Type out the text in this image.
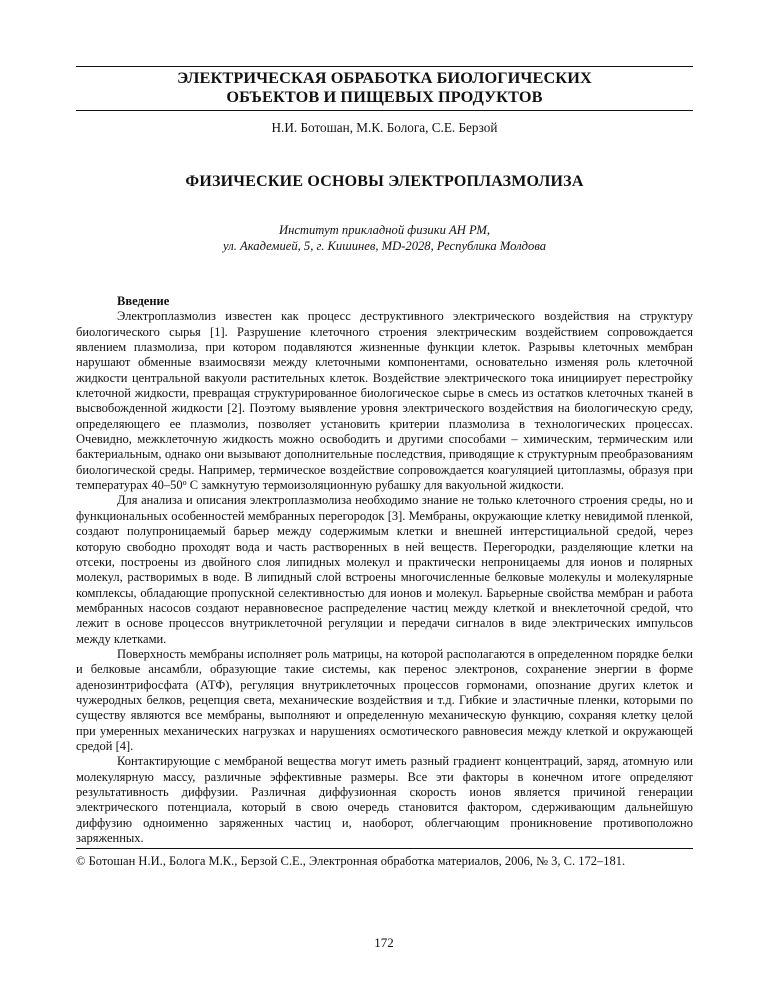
ЭЛЕКТРИЧЕСКАЯ ОБРАБОТКА БИОЛОГИЧЕСКИХ
ОБЪЕКТОВ И ПИЩЕВЫХ ПРОДУКТОВ
Н.И. Ботошан, М.К. Болога, С.Е. Берзой
ФИЗИЧЕСКИЕ ОСНОВЫ ЭЛЕКТРОПЛАЗМОЛИЗА
Институт прикладной физики АН РМ,
ул. Академией, 5, г. Кишинев, MD-2028, Республика Молдова
Введение

Электроплазмолиз известен как процесс деструктивного электрического воздействия на структуру биологического сырья [1]. Разрушение клеточного строения электрическим воздействием сопровождается явлением плазмолиза, при котором подавляются жизненные функции клеток. Разрывы клеточных мембран нарушают обменные взаимосвязи между клеточными компонентами, основательно изменяя роль клеточной жидкости центральной вакуоли растительных клеток. Воздействие электрического тока инициирует перестройку клеточной жидкости, превращая структурированное биологическое сырье в смесь из остатков клеточных тканей в высвобожденной жидкости [2]. Поэтому выявление уровня электрического воздействия на биологическую среду, определяющего ее плазмолиз, позволяет установить критерии плазмолиза в технологических процессах. Очевидно, межклеточную жидкость можно освободить и другими способами – химическим, термическим или бактериальным, однако они вызывают дополнительные последствия, приводящие к структурным преобразованиям биологической среды. Например, термическое воздействие сопровождается коагуляцией цитоплазмы, образуя при температурах $40-50^о$ С замкнутую термоизоляционную рубашку для вакуольной жидкости.

Для анализа и описания электроплазмолиза необходимо знание не только клеточного строения среды, но и функциональных особенностей мембранных перегородок [3]. Мембраны, окружающие клетку невидимой пленкой, создают полупроницаемый барьер между содержимым клетки и внешней интерстициальной средой, через которую свободно проходят вода и часть растворенных в ней веществ. Перегородки, разделяющие клетки на отсеки, построены из двойного слоя липидных молекул и практически непроницаемы для ионов и полярных молекул, растворимых в воде. В липидный слой встроены многочисленные белковые молекулы и молекулярные комплексы, обладающие пропускной селективностью для ионов и молекул. Барьерные свойства мембран и работа мембранных насосов создают неравновесное распределение частиц между клеткой и внеклеточной средой, что лежит в основе процессов внутриклеточной регуляции и передачи сигналов в виде электрических импульсов между клетками.

Поверхность мембраны исполняет роль матрицы, на которой располагаются в определенном порядке белки и белковые ансамбли, образующие такие системы, как перенос электронов, сохранение энергии в форме аденозинтрифосфата (АТФ), регуляция внутриклеточных процессов гормонами, опознание других клеток и чужеродных белков, рецепция света, механические воздействия и т.д. Гибкие и эластичные пленки, которыми по существу являются все мембраны, выполняют и определенную механическую функцию, сохраняя клетку целой при умеренных механических нагрузках и нарушениях осмотического равновесия между клеткой и окружающей средой [4].

Контактирующие с мембраной вещества могут иметь разный градиент концентраций, заряд, атомную или молекулярную массу, различные эффективные размеры. Все эти факторы в конечном итоге определяют результативность диффузии. Различная диффузионная скорость ионов является причиной генерации электрического потенциала, который в свою очередь становится фактором, сдерживающим дальнейшую диффузию одноименно заряженных частиц и, наоборот, облегчающим проникновение противоположно заряженных.

© Ботошан Н.И., Болога М.К., Берзой С.Е., Электронная обработка материалов, 2006, № 3, С. 172–181.
172
